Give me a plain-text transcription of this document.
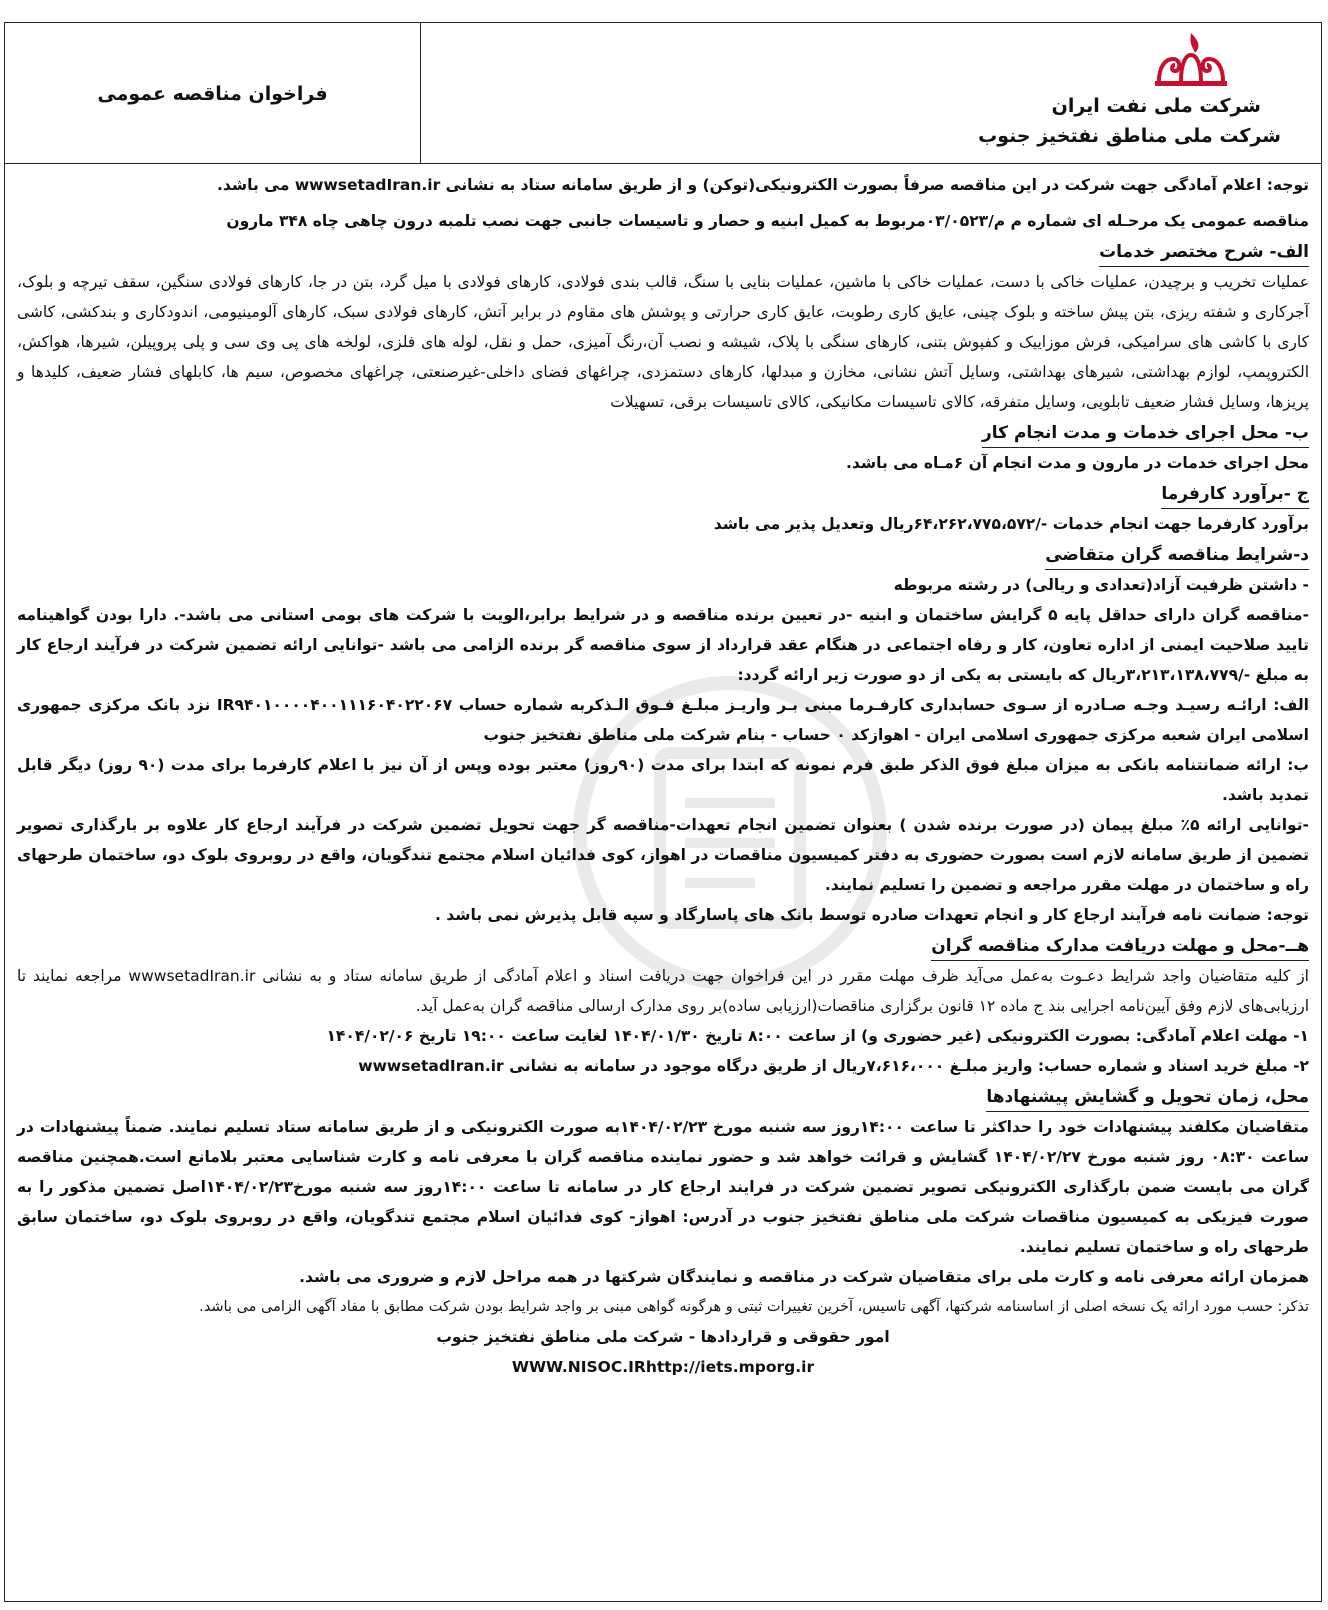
شرکت ملی نفت ایران
شرکت ملی مناطق نفتخیز جنوب
فراخوان مناقصه عمومی

توجه: اعلام آمادگی جهت شرکت در این مناقصه صرفاً بصورت الکترونیکی(توکن) و از طریق سامانه ستاد به نشانی wwwsetadIran.ir می باشد.

مناقصه عمومی یک مرحـله ای شماره م م/۰۳/۰۵۲۳مربوط به کمیل ابنیه و حصار و تاسیسات جانبی جهت نصب تلمبه درون چاهی چاه ۳۴۸ مارون

الف- شرح مختصر خدمات

عملیات تخریب و برچیدن، عملیات خاکی با دست، عملیات خاکی با ماشین، عملیات بنایی با سنگ، قالب بندی فولادی، کارهای فولادی با میل گرد، بتن در جا، کارهای فولادی سنگین، سقف تیرچه و بلوک، آجرکاری و شفته ریزی، بتن پیش ساخته و بلوک چینی، عایق کاری رطوبت، عایق کاری حرارتی و پوشش های مقاوم در برابر آتش، کارهای فولادی سبک، کارهای آلومینیومی، اندودکاری و بندکشی، کاشی کاری با کاشی های سرامیکی، فرش موزاییک و کفپوش بتنی، کارهای سنگی با پلاک، شیشه و نصب آن،رنگ آمیزی، حمل و نقل، لوله های فلزی، لولخه های پی وی سی و پلی پروپیلن، شیرها، هواکش، الکتروپمپ، لوازم بهداشتی، شیرهای بهداشتی، وسایل آتش نشانی، مخازن و مبدلها، کارهای دستمزدی، چراغهای فضای داخلی-غیرصنعتی، چراغهای مخصوص، سیم ها، کابلهای فشار ضعیف، کلیدها و پریزها، وسایل فشار ضعیف تابلویی، وسایل متفرقه، کالای تاسیسات مکانیکی، کالای تاسیسات برقی، تسهیلات

ب- محل اجرای خدمات و مدت انجام کار

محل اجرای خدمات در مارون و مدت انجام آن ۶مـاه می باشد.

ج -برآورد کارفرما

برآورد کارفرما جهت انجام خدمات -/۶۴،۲۶۲،۷۷۵،۵۷۲ریال وتعدیل پذیر می باشد

د-شرایط مناقصه گران متقاضی

- داشتن ظرفیت آزاد(تعدادی و ریالی) در رشته مربوطه

-مناقصه گران دارای حداقل پایه ۵ گرایش ساختمان و ابنیه -در تعیین برنده مناقصه و در شرایط برابر،الویت با شرکت های بومی استانی می باشد-. دارا بودن گواهینامه تایید صلاحیت ایمنی از اداره تعاون، کار و رفاه اجتماعی در هنگام عقد قرارداد از سوی مناقصه گر برنده الزامی می باشد -توانایی ارائه تضمین شرکت در فرآیند ارجاع کار به مبلغ -/۳،۲۱۳،۱۳۸،۷۷۹ریال که بایستی به یکی از دو صورت زیر ارائه گردد:

الف: ارائـه رسیـد وجـه صـادره از سـوی حسابداری کارفـرما مبنی بـر واریـز مبلـغ فـوق الـذکربه شماره حساب IR۹۴۰۱۰۰۰۰۴۰۰۱۱۱۶۰۴۰۲۲۰۶۷ نزد بانک مرکزی جمهوری اسلامی ایران شعبه مرکزی جمهوری اسلامی ایران - اهوازکد ۰ حساب - بنام شرکت ملی مناطق نفتخیز جنوب

ب: ارائه ضمانتنامه بانکی به میزان مبلغ فوق الذکر طبق فرم نمونه که ابتدا برای مدت (۹۰روز) معتبر بوده وپس از آن نیز با اعلام کارفرما برای مدت (۹۰ روز) دیگر قابل تمدید باشد.

-توانایی ارائه ۵٪ مبلغ پیمان (در صورت برنده شدن ) بعنوان تضمین انجام تعهدات-مناقصه گر جهت تحویل تضمین شرکت در فرآیند ارجاع کار علاوه بر بارگذاری تصویر تضمین از طریق سامانه لازم است بصورت حضوری به دفتر کمیسیون مناقصات در اهواز، کوی فدائیان اسلام مجتمع تندگویان، واقع در روبروی بلوک دو، ساختمان طرحهای راه و ساختمان در مهلت مقرر مراجعه و تضمین را تسلیم نمایند.

توجه: ضمانت نامه فرآیند ارجاع کار و انجام تعهدات صادره توسط بانک های پاسارگاد و سپه قابل پذیرش نمی باشد .

هــ-محل و مهلت دریافت مدارک مناقصه گران

از کلیه متقاضیان واجد شرایط دعـوت به‌عمل می‌آید ظرف مهلت مقرر در این فراخوان جهت دریافت اسناد و اعلام آمادگی از طریق سامانه ستاد و به نشانی wwwsetadIran.ir مراجعه نمایند تا ارزیابی‌های لازم وفق آیین‌نامه اجرایی بند ج ماده ۱۲ قانون برگزاری مناقصات(ارزیابی ساده)بر روی مدارک ارسالی مناقصه گران به‌عمل آید.

۱- مهلت اعلام آمادگی: بصورت الکترونیکی (غیر حضوری و) از ساعت ۸:۰۰ تاریخ ۱۴۰۴/۰۱/۳۰ لغایت ساعت ۱۹:۰۰ تاریخ ۱۴۰۴/۰۲/۰۶

۲- مبلغ خرید اسناد و شماره حساب: واریز مبلـغ ۷،۶۱۶،۰۰۰ریال از طریق درگاه موجود در سامانه به نشانی wwwsetadIran.ir

محل، زمان تحویل و گشایش پیشنهادها

متقاضیان مکلفند پیشنهادات خود را حداکثر تا ساعت ۱۴:۰۰روز سه شنبه مورخ ۱۴۰۴/۰۲/۲۳به صورت الکترونیکی و از طریق سامانه ستاد تسلیم نمایند. ضمناً پیشنهادات در ساعت ۰۸:۳۰ روز شنبه مورخ ۱۴۰۴/۰۲/۲۷ گشایش و قرائت خواهد شد و حضور نماینده مناقصه گران با معرفی نامه و کارت شناسایی معتبر بلامانع است.همچنین مناقصه گران می بایست ضمن بارگذاری الکترونیکی تصویر تضمین شرکت در فرایند ارجاع کار در سامانه تا ساعت ۱۴:۰۰روز سه شنبه مورخ۱۴۰۴/۰۲/۲۳اصل تضمین مذکور را به صورت فیزیکی به کمیسیون مناقصات شرکت ملی مناطق نفتخیز جنوب در آدرس: اهواز- کوی فدائیان اسلام مجتمع تندگویان، واقع در روبروی بلوک دو، ساختمان سابق طرحهای راه و ساختمان تسلیم نمایند.

همزمان ارائه معرفی نامه و کارت ملی برای متقاضیان شرکت در مناقصه و نمایندگان شرکتها در همه مراحل لازم و ضروری می باشد.

تذکر: حسب مورد ارائه یک نسخه اصلی از اساسنامه شرکتها، آگهی تاسیس، آخرین تغییرات ثبتی و هرگونه گواهی مبنی بر واجد شرایط بودن شرکت مطابق با مفاد آگهی الزامی می باشد.

امور حقوقی و قراردادها - شرکت ملی مناطق نفتخیز جنوب

WWW.NISOC.IRhttp://iets.mporg.ir
